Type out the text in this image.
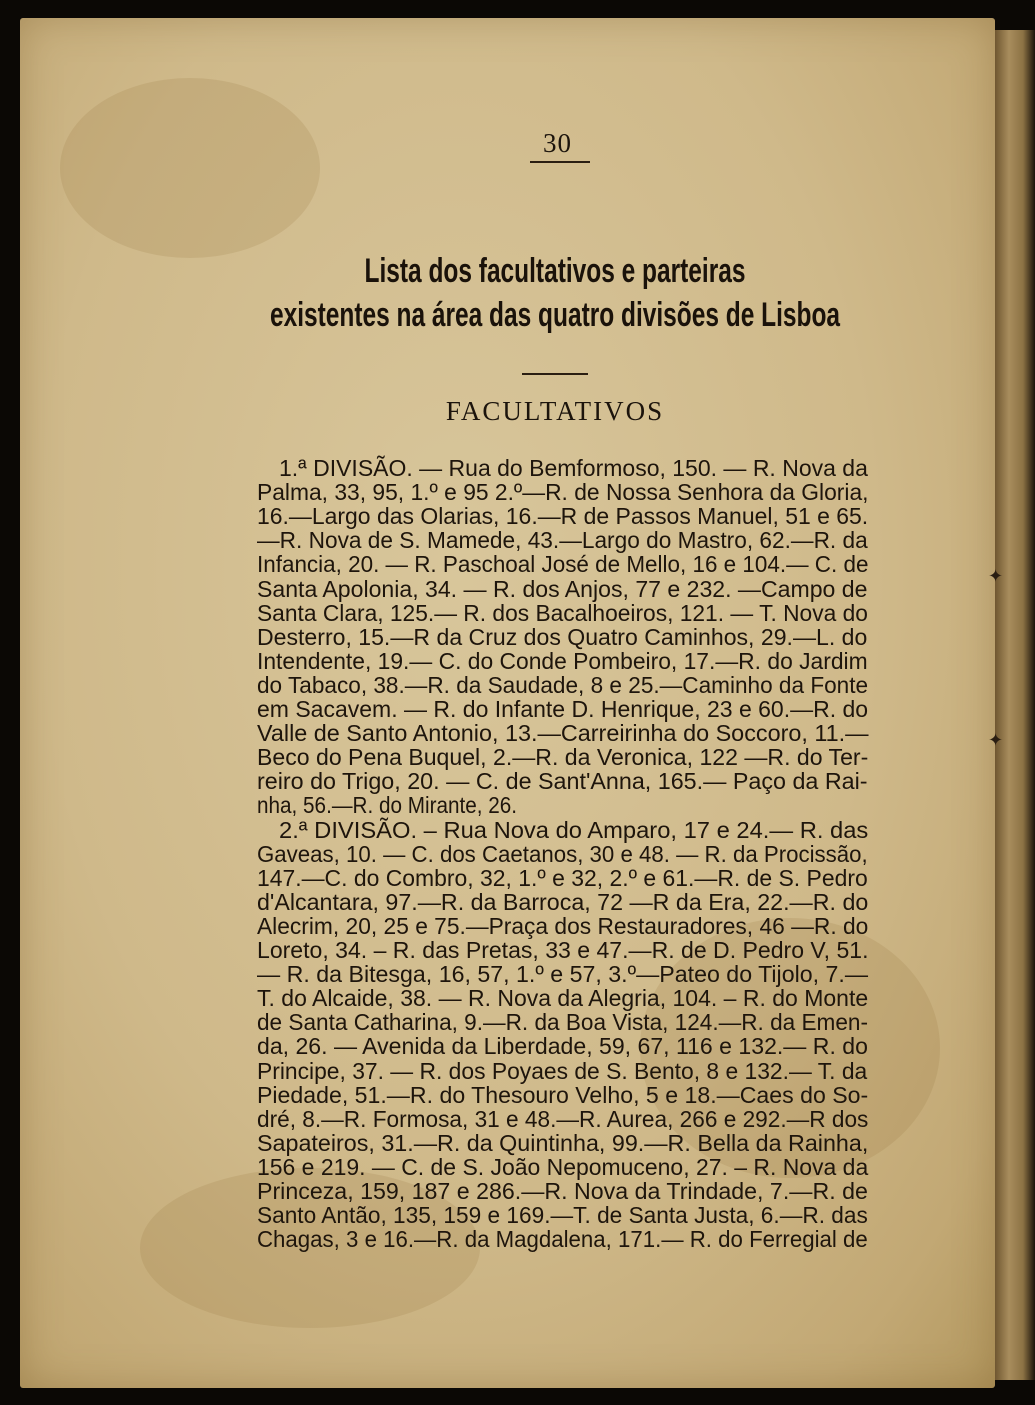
30
Lista dos facultativos e parteiras
existentes na área das quatro divisões de Lisboa
FACULTATIVOS
1.ª DIVISÃO. — Rua do Bemformoso, 150. — R. Nova da
Palma, 33, 95, 1.º e 95 2.º—R. de Nossa Senhora da Gloria,
16.—Largo das Olarias, 16.—R de Passos Manuel, 51 e 65.
—R. Nova de S. Mamede, 43.—Largo do Mastro, 62.—R. da
Infancia, 20. — R. Paschoal José de Mello, 16 e 104.— C. de
Santa Apolonia, 34. — R. dos Anjos, 77 e 232. —Campo de
Santa Clara, 125.— R. dos Bacalhoeiros, 121. — T. Nova do
Desterro, 15.—R da Cruz dos Quatro Caminhos, 29.—L. do
Intendente, 19.— C. do Conde Pombeiro, 17.—R. do Jardim
do Tabaco, 38.—R. da Saudade, 8 e 25.—Caminho da Fonte
em Sacavem. — R. do Infante D. Henrique, 23 e 60.—R. do
Valle de Santo Antonio, 13.—Carreirinha do Soccoro, 11.—
Beco do Pena Buquel, 2.—R. da Veronica, 122 —R. do Ter-
reiro do Trigo, 20. — C. de Sant'Anna, 165.— Paço da Rai-
nha, 56.—R. do Mirante, 26.
2.ª DIVISÃO. – Rua Nova do Amparo, 17 e 24.— R. das
Gaveas, 10. — C. dos Caetanos, 30 e 48. — R. da Procissão,
147.—C. do Combro, 32, 1.º e 32, 2.º e 61.—R. de S. Pedro
d'Alcantara, 97.—R. da Barroca, 72 —R da Era, 22.—R. do
Alecrim, 20, 25 e 75.—Praça dos Restauradores, 46 —R. do
Loreto, 34. – R. das Pretas, 33 e 47.—R. de D. Pedro V, 51.
— R. da Bitesga, 16, 57, 1.º e 57, 3.º—Pateo do Tijolo, 7.—
T. do Alcaide, 38. — R. Nova da Alegria, 104. – R. do Monte
de Santa Catharina, 9.—R. da Boa Vista, 124.—R. da Emen-
da, 26. — Avenida da Liberdade, 59, 67, 116 e 132.— R. do
Principe, 37. — R. dos Poyaes de S. Bento, 8 e 132.— T. da
Piedade, 51.—R. do Thesouro Velho, 5 e 18.—Caes do So-
dré, 8.—R. Formosa, 31 e 48.—R. Aurea, 266 e 292.—R dos
Sapateiros, 31.—R. da Quintinha, 99.—R. Bella da Rainha,
156 e 219. — C. de S. João Nepomuceno, 27. – R. Nova da
Princeza, 159, 187 e 286.—R. Nova da Trindade, 7.—R. de
Santo Antão, 135, 159 e 169.—T. de Santa Justa, 6.—R. das
Chagas, 3 e 16.—R. da Magdalena, 171.— R. do Ferregial de
✦
✦
